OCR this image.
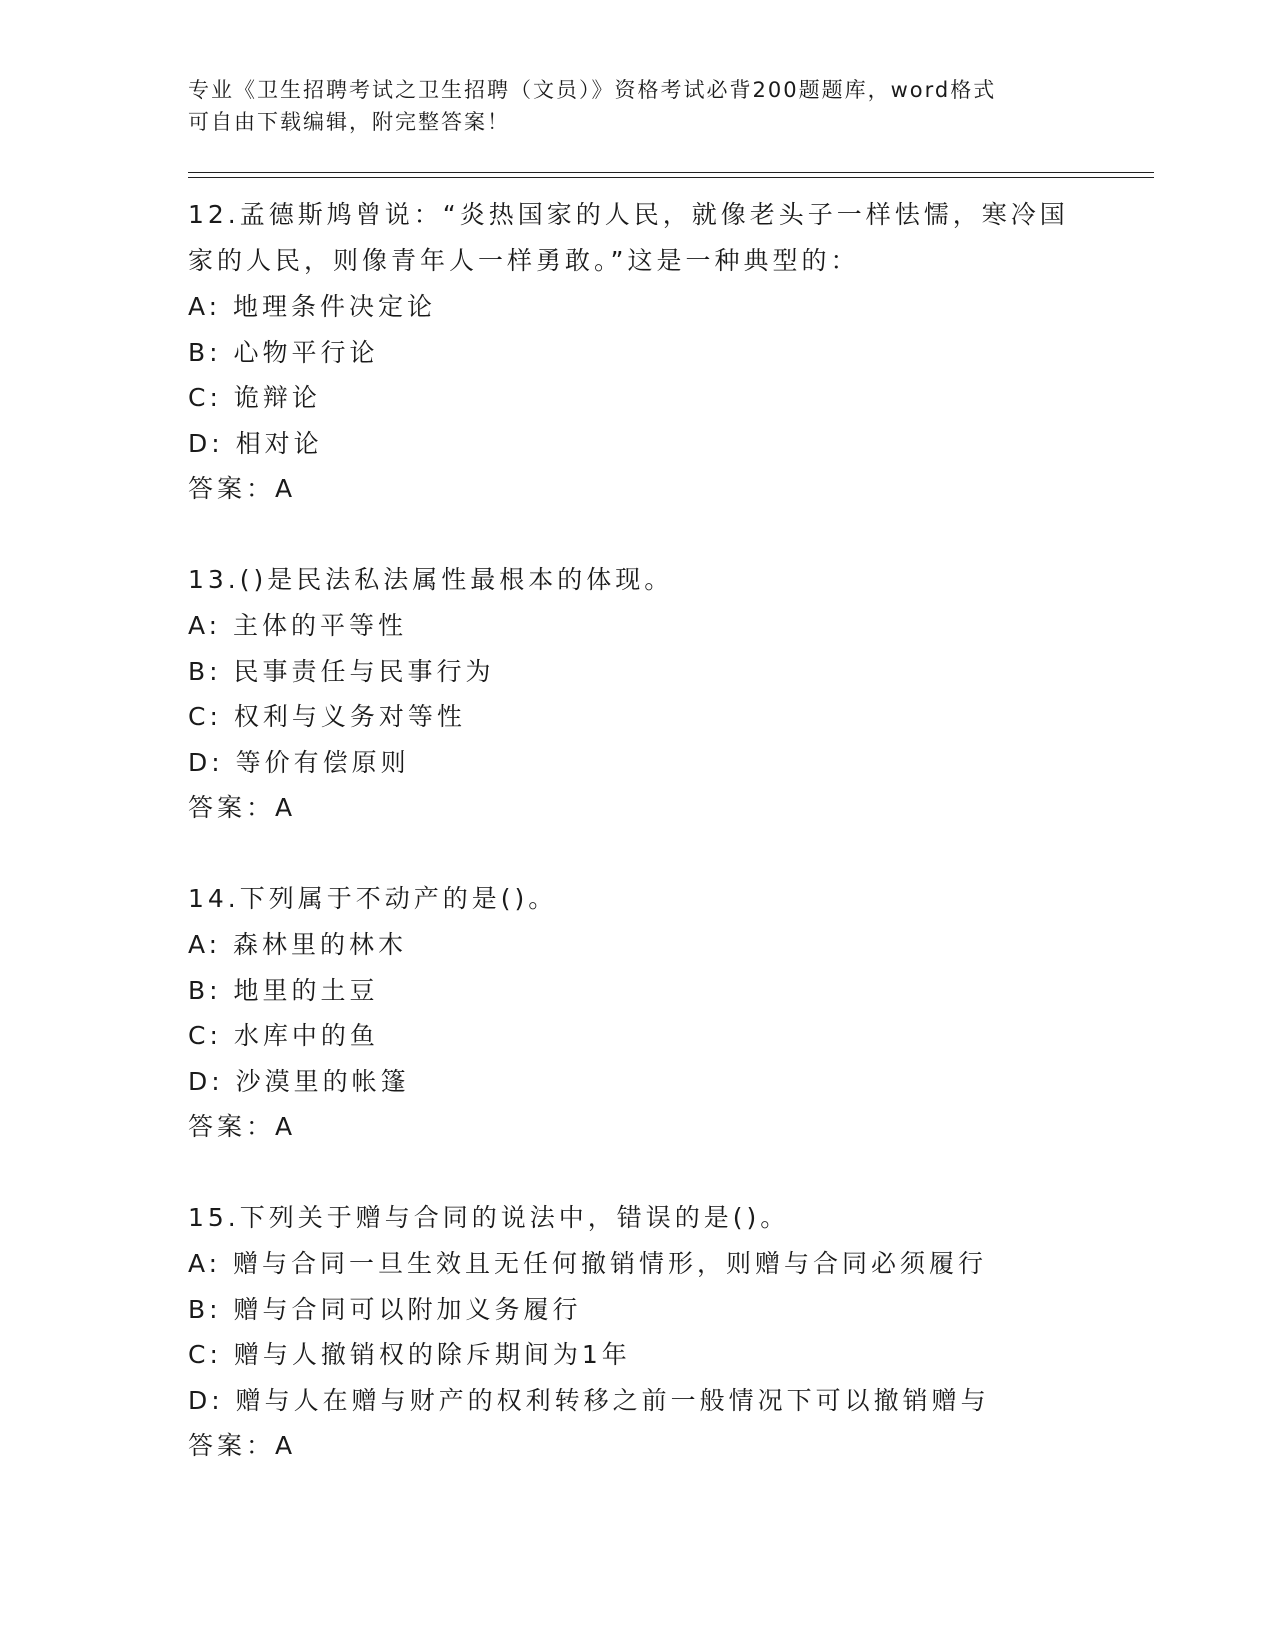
专业《卫生招聘考试之卫生招聘（文员）》资格考试必背200题题库，word格式
可自由下载编辑，附完整答案！
12.孟德斯鸠曾说：“炎热国家的人民，就像老头子一样怯懦，寒冷国家的人民，则像青年人一样勇敢。”这是一种典型的：
A: 地理条件决定论
B: 心物平行论
C: 诡辩论
D: 相对论
答案：A
13.()是民法私法属性最根本的体现。
A: 主体的平等性
B: 民事责任与民事行为
C: 权利与义务对等性
D: 等价有偿原则
答案：A
14.下列属于不动产的是()。
A: 森林里的林木
B: 地里的土豆
C: 水库中的鱼
D: 沙漠里的帐篷
答案：A
15.下列关于赠与合同的说法中，错误的是()。
A: 赠与合同一旦生效且无任何撤销情形，则赠与合同必须履行
B: 赠与合同可以附加义务履行
C: 赠与人撤销权的除斥期间为1年
D: 赠与人在赠与财产的权利转移之前一般情况下可以撤销赠与
答案：A
